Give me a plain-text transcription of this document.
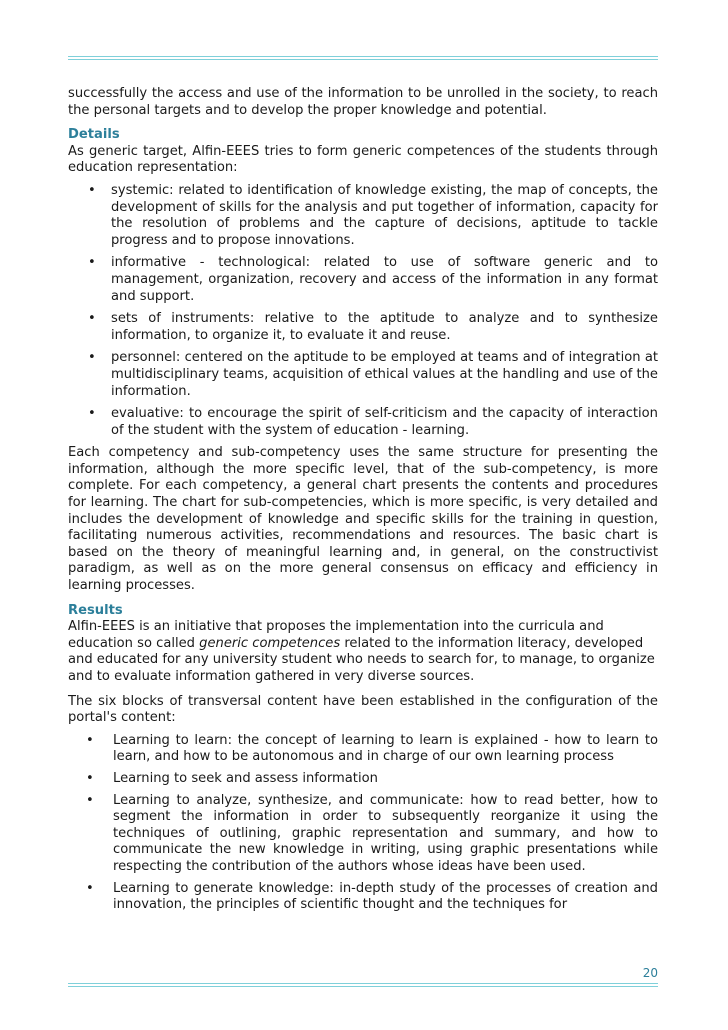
successfully the access and use of the information to be unrolled in the society, to reach the personal targets and to develop the proper knowledge and potential.

Details

As generic target, Alfin-EEES tries to form generic competences of the students through education representation:

• systemic: related to identification of knowledge existing, the map of concepts, the development of skills for the analysis and put together of information, capacity for the resolution of problems and the capture of decisions, aptitude to tackle progress and to propose innovations.
• informative - technological: related to use of software generic and to management, organization, recovery and access of the information in any format and support.
• sets of instruments: relative to the aptitude to analyze and to synthesize information, to organize it, to evaluate it and reuse.
• personnel: centered on the aptitude to be employed at teams and of integration at multidisciplinary teams, acquisition of ethical values at the handling and use of the information.
• evaluative: to encourage the spirit of self-criticism and the capacity of interaction of the student with the system of education - learning.

Each competency and sub-competency uses the same structure for presenting the information, although the more specific level, that of the sub-competency, is more complete. For each competency, a general chart presents the contents and procedures for learning. The chart for sub-competencies, which is more specific, is very detailed and includes the development of knowledge and specific skills for the training in question, facilitating numerous activities, recommendations and resources. The basic chart is based on the theory of meaningful learning and, in general, on the constructivist paradigm, as well as on the more general consensus on efficacy and efficiency in learning processes.

Results

Alfin-EEES is an initiative that proposes the implementation into the curricula and education so called generic competences related to the information literacy, developed and educated for any university student who needs to search for, to manage, to organize and to evaluate information gathered in very diverse sources.

The six blocks of transversal content have been established in the configuration of the portal's content:

• Learning to learn: the concept of learning to learn is explained - how to learn to learn, and how to be autonomous and in charge of our own learning process
• Learning to seek and assess information
• Learning to analyze, synthesize, and communicate: how to read better, how to segment the information in order to subsequently reorganize it using the techniques of outlining, graphic representation and summary, and how to communicate the new knowledge in writing, using graphic presentations while respecting the contribution of the authors whose ideas have been used.
• Learning to generate knowledge: in-depth study of the processes of creation and innovation, the principles of scientific thought and the techniques for
20
